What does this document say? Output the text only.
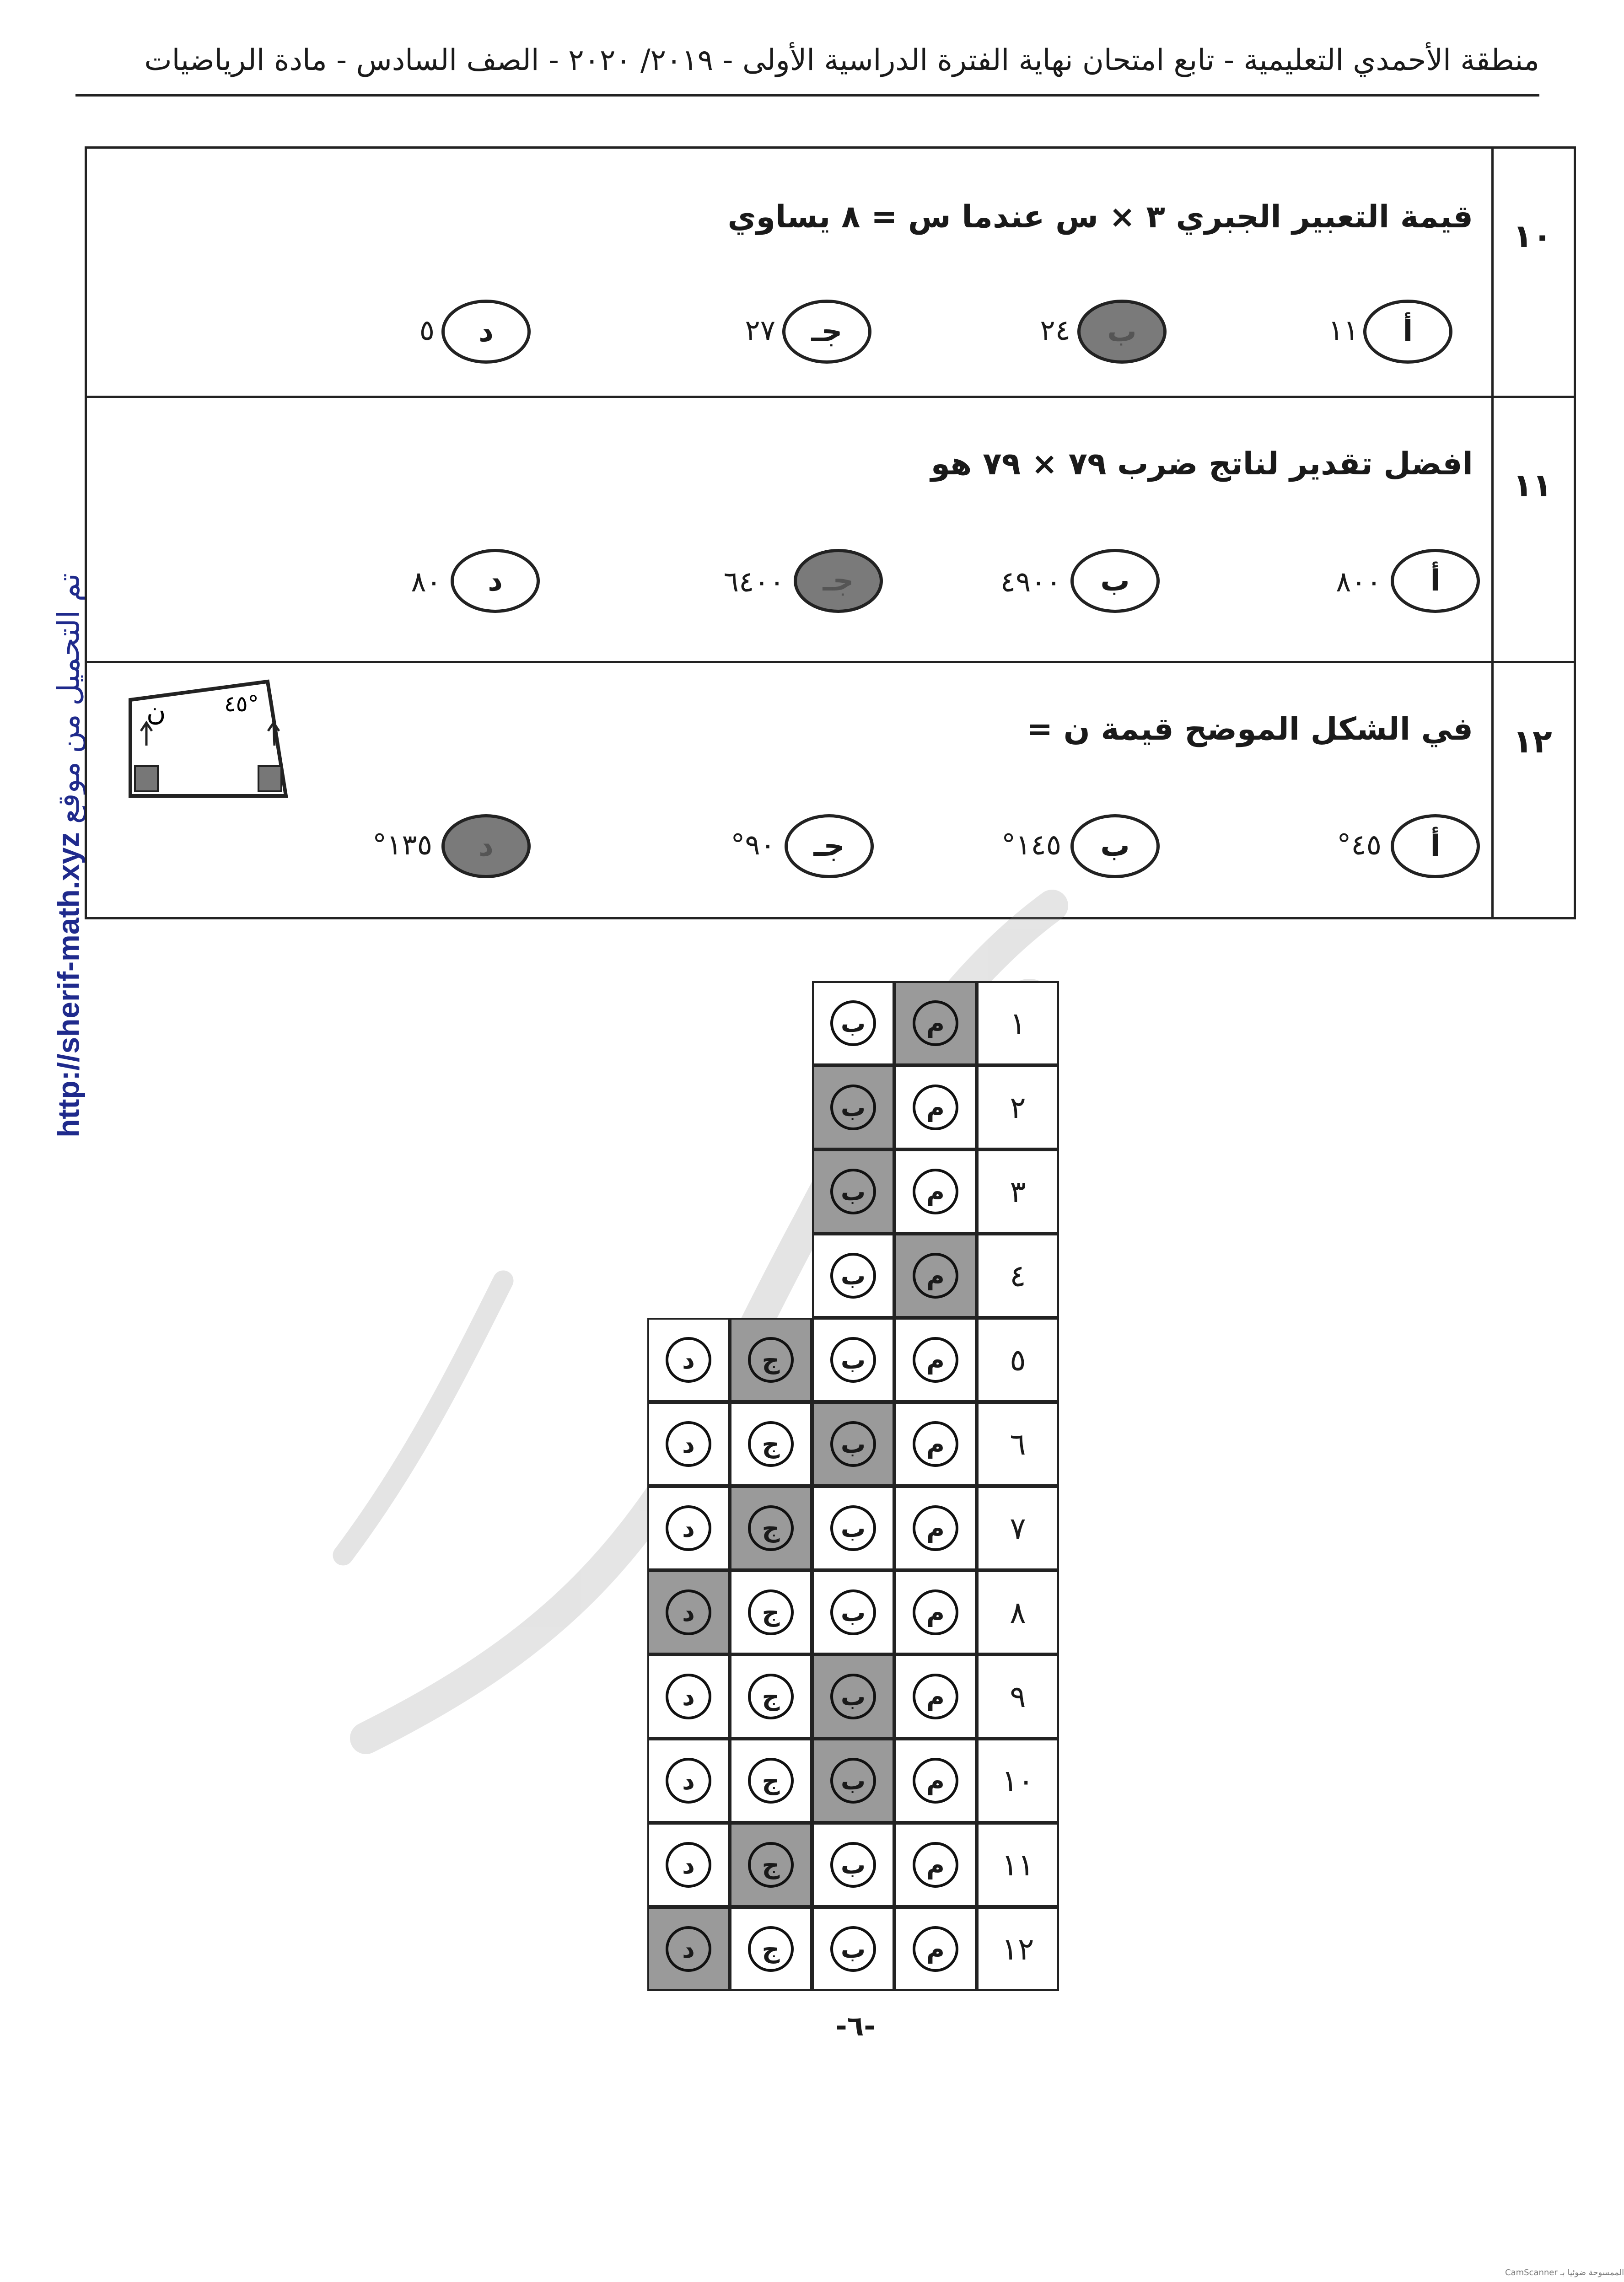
منطقة الأحمدي التعليمية - تابع امتحان نهاية الفترة الدراسية الأولى - ٢٠١٩/ ٢٠٢٠ - الصف السادس - مادة الرياضيات
تم التحميل من موقع http://sherif-math.xyz
١٠
قيمة التعبير الجبري ٣ × س عندما س = ٨ يساوي
أ
١١
ب
٢٤
جـ
٢٧
د
٥
١١
افضل تقدير لناتج ضرب ٧٩ × ٧٩ هو
أ
٨٠٠
ب
٤٩٠٠
جـ
٦٤٠٠
د
٨٠
١٢
في الشكل الموضح قيمة ن =
أ
٤٥°
ب
١٤٥°
جـ
٩٠°
د
١٣٥°
ن	٤٥°
١
م
ب
٢
م
ب
٣
م
ب
٤
م
ب
٥
م
ب
ج
د
٦
م
ب
ج
د
٧
م
ب
ج
د
٨
م
ب
ج
د
٩
م
ب
ج
د
١٠
م
ب
ج
د
١١
م
ب
ج
د
١٢
م
ب
ج
د
-٦-
CamScanner الممسوحة ضوئيا بـ
